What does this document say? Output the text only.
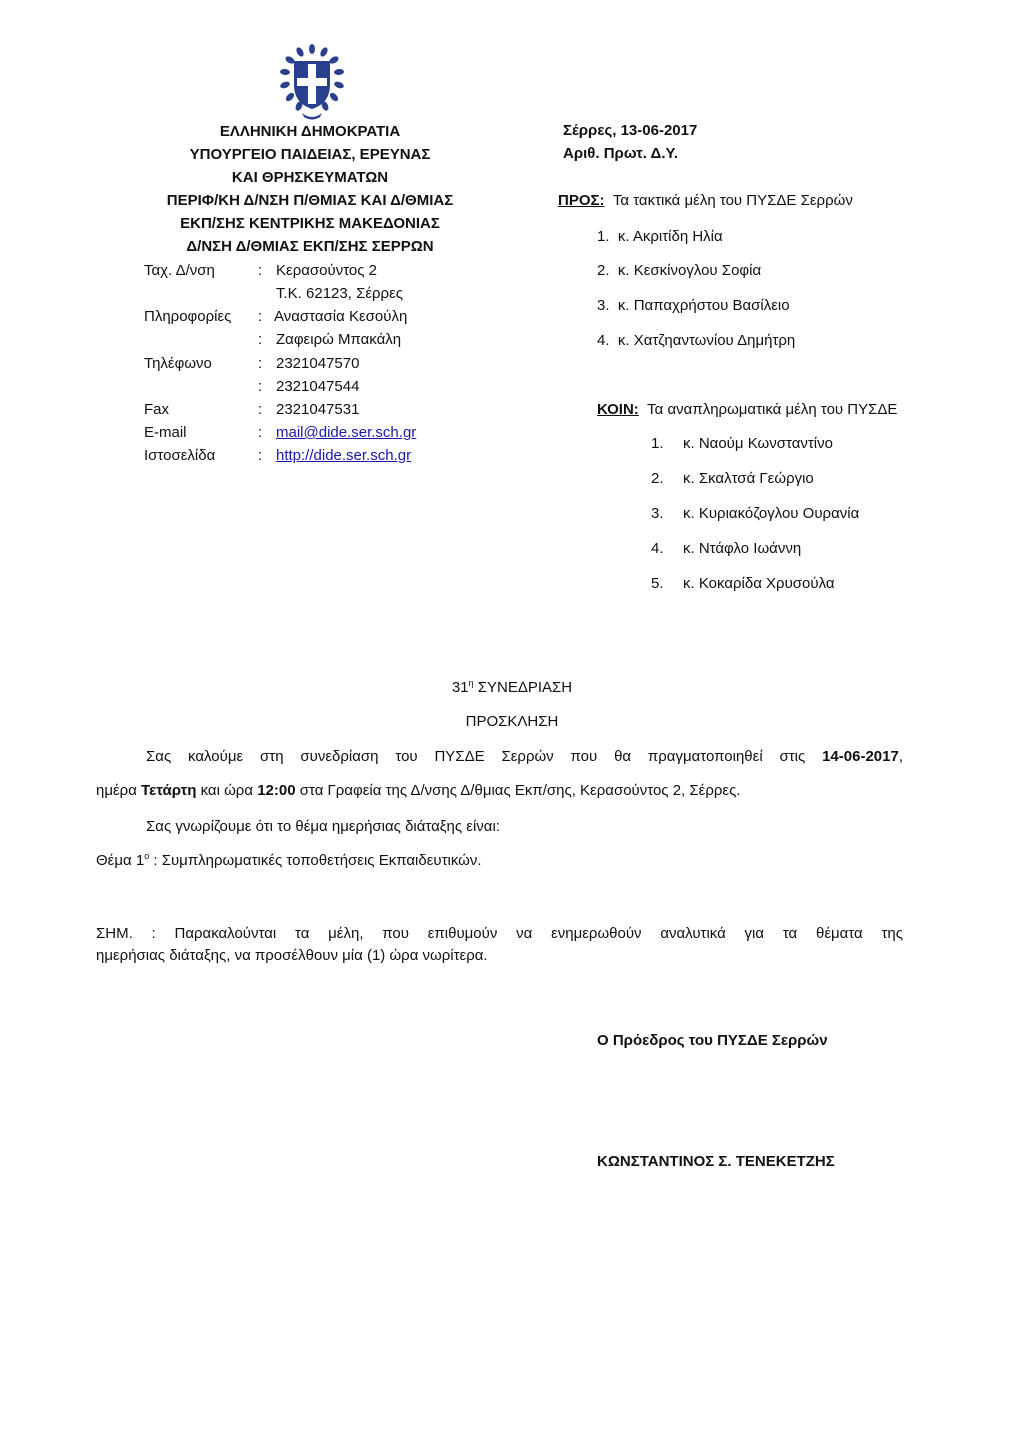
ΕΛΛΗΝΙΚΗ ΔΗΜΟΚΡΑΤΙΑ
ΥΠΟΥΡΓΕΙΟ ΠΑΙΔΕΙΑΣ, ΕΡΕΥΝΑΣ
ΚΑΙ ΘΡΗΣΚΕΥΜΑΤΩΝ
ΠΕΡΙΦ/ΚΗ Δ/ΝΣΗ Π/ΘΜΙΑΣ ΚΑΙ Δ/ΘΜΙΑΣ
ΕΚΠ/ΣΗΣ ΚΕΝΤΡΙΚΗΣ ΜΑΚΕΔΟΝΙΑΣ
Δ/ΝΣΗ Δ/ΘΜΙΑΣ ΕΚΠ/ΣΗΣ ΣΕΡΡΩΝ
Ταχ. Δ/νση	: Κερασούντος 2
Τ.Κ. 62123, Σέρρες
Πληροφορίες: Αναστασία Κεσούλη
: Ζαφειρώ Μπακάλη
Τηλέφωνο	: 2321047570
: 2321047544
Fax	: 2321047531
E-mail	: mail@dide.ser.sch.gr
Ιστοσελίδα	: http://dide.ser.sch.gr
Σέρρες, 13-06-2017
Αριθ. Πρωτ. Δ.Υ.
ΠΡΟΣ: Τα τακτικά μέλη του ΠΥΣΔΕ Σερρών
1. κ. Ακριτίδη Ηλία
2. κ. Κεσκίνογλου Σοφία
3. κ. Παπαχρήστου Βασίλειο
4. κ. Χατζηαντωνίου Δημήτρη
ΚΟΙΝ: Τα αναπληρωματικά μέλη του ΠΥΣΔΕ
1. κ. Ναούμ Κωνσταντίνο
2. κ. Σκαλτσά Γεώργιο
3. κ. Κυριακόζογλου Ουρανία
4. κ. Ντάφλο Ιωάννη
5. κ. Κοκαρίδα Χρυσούλα
$31^\eta$ ΣΥΝΕΔΡΙΑΣΗ
ΠΡΟΣΚΛΗΣΗ
Σας καλούμε στη συνεδρίαση του ΠΥΣΔΕ Σερρών που θα πραγματοποιηθεί στις 14-06-2017,
ημέρα Τετάρτη και ώρα 12:00 στα Γραφεία της Δ/νσης Δ/θμιας Εκπ/σης, Κερασούντος 2, Σέρρες.
Σας γνωρίζουμε ότι το θέμα ημερήσιας διάταξης είναι:
Θέμα $1^o$ : Συμπληρωματικές τοποθετήσεις Εκπαιδευτικών.
ΣΗΜ. : Παρακαλούνται τα μέλη, που επιθυμούν να ενημερωθούν αναλυτικά για τα θέματα της
ημερήσιας διάταξης, να προσέλθουν μία (1) ώρα νωρίτερα.
Ο Πρόεδρος του ΠΥΣΔΕ Σερρών
ΚΩΝΣΤΑΝΤΙΝΟΣ Σ. ΤΕΝΕΚΕΤΖΗΣ
